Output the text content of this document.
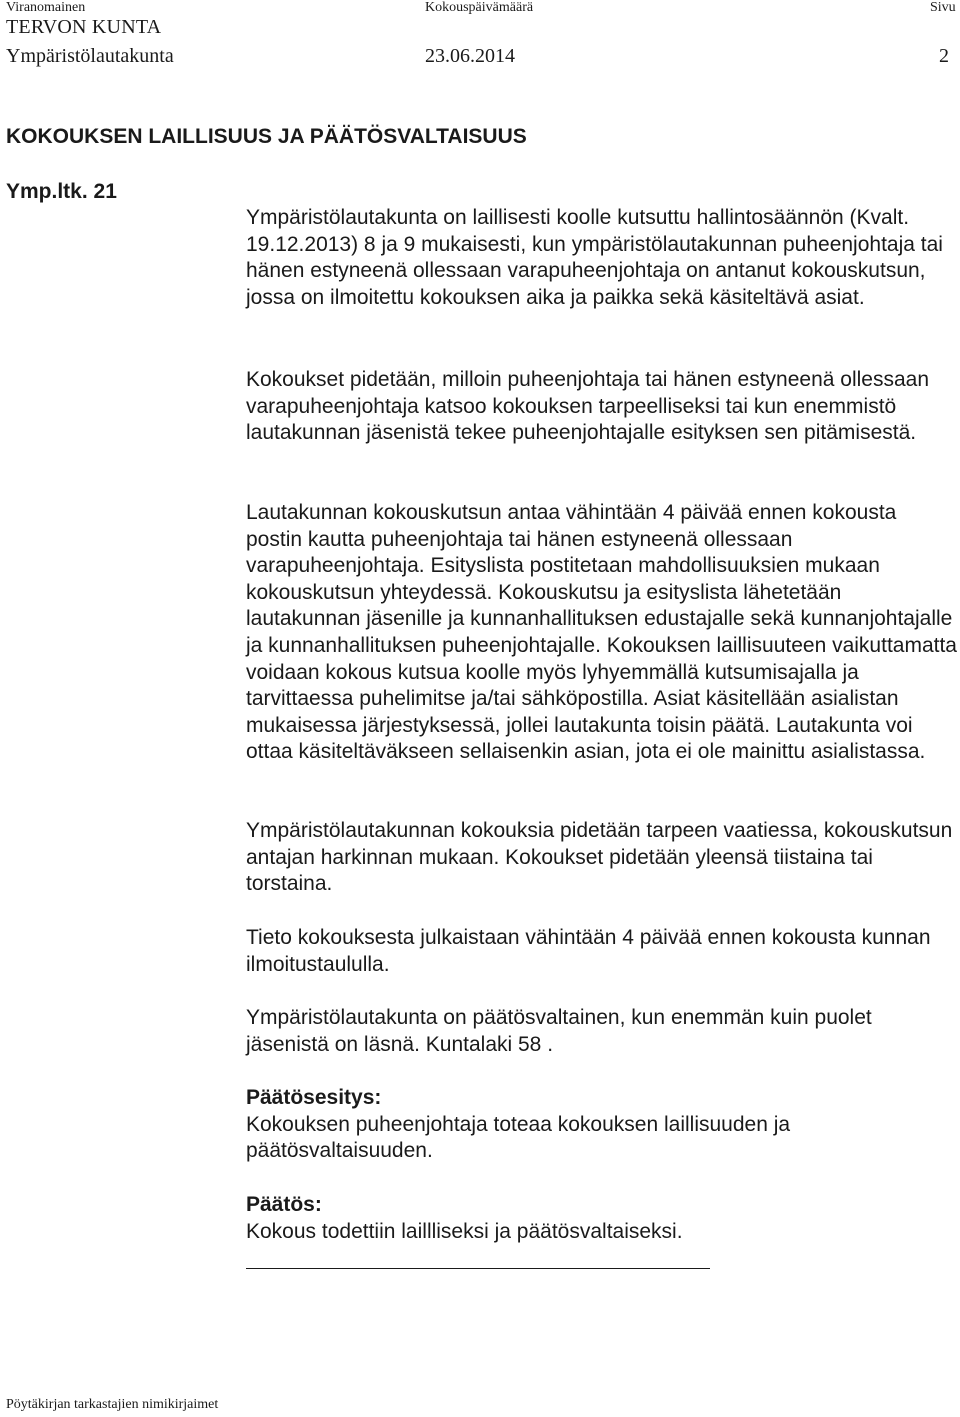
Viranomainen	Kokouspäivämäärä	Sivu
TERVON KUNTA
Ympäristölautakunta	23.06.2014	2
KOKOUKSEN LAILLISUUS JA PÄÄTÖSVALTAISUUS
Ymp.ltk. 21

Ympäristölautakunta on laillisesti koolle kutsuttu hallintosäännön (Kvalt. 19.12.2013) 8 ja 9 mukaisesti, kun ympäristölautakunnan puheenjohtaja tai hänen estyneenä ollessaan varapuheenjohtaja on antanut kokouskutsun, jossa on ilmoitettu kokouksen aika ja paikka sekä käsiteltävä asiat.

Kokoukset pidetään, milloin puheenjohtaja tai hänen estyneenä ollessaan varapuheenjohtaja katsoo kokouksen tarpeelliseksi tai kun enemmistö lautakunnan jäsenistä tekee puheenjohtajalle esityksen sen pitämisestä.

Lautakunnan kokouskutsun antaa vähintään 4 päivää ennen kokousta postin kautta puheenjohtaja tai hänen estyneenä ollessaan varapuheenjohtaja. Esityslista postitetaan mahdollisuuksien mukaan kokouskutsun yhteydessä. Kokouskutsu ja esityslista lähetetään lautakunnan jäsenille ja kunnanhallituksen edustajalle sekä kunnanjohtajalle ja kunnanhallituksen puheenjohtajalle. Kokouksen laillisuuteen vaikuttamatta voidaan kokous kutsua koolle myös lyhyemmällä kutsumisajalla ja tarvittaessa puhelimitse ja/tai sähköpostilla. Asiat käsitellään asialistan mukaisessa järjestyksessä, jollei lautakunta toisin päätä. Lautakunta voi ottaa käsiteltäväkseen sellaisenkin asian, jota ei ole mainittu asialistassa.

Ympäristölautakunnan kokouksia pidetään tarpeen vaatiessa, kokouskutsun antajan harkinnan mukaan. Kokoukset pidetään yleensä tiistaina tai torstaina.

Tieto kokouksesta julkaistaan vähintään 4 päivää ennen kokousta kunnan ilmoitustaululla.

Ympäristölautakunta on päätösvaltainen, kun enemmän kuin puolet jäsenistä on läsnä. Kuntalaki 58 .

Päätösesitys:

Kokouksen puheenjohtaja toteaa kokouksen laillisuuden ja päätösvaltaisuuden.

Päätös:

Kokous todettiin laillliseksi ja päätösvaltaiseksi.

Pöytäkirjan tarkastajien nimikirjaimet
